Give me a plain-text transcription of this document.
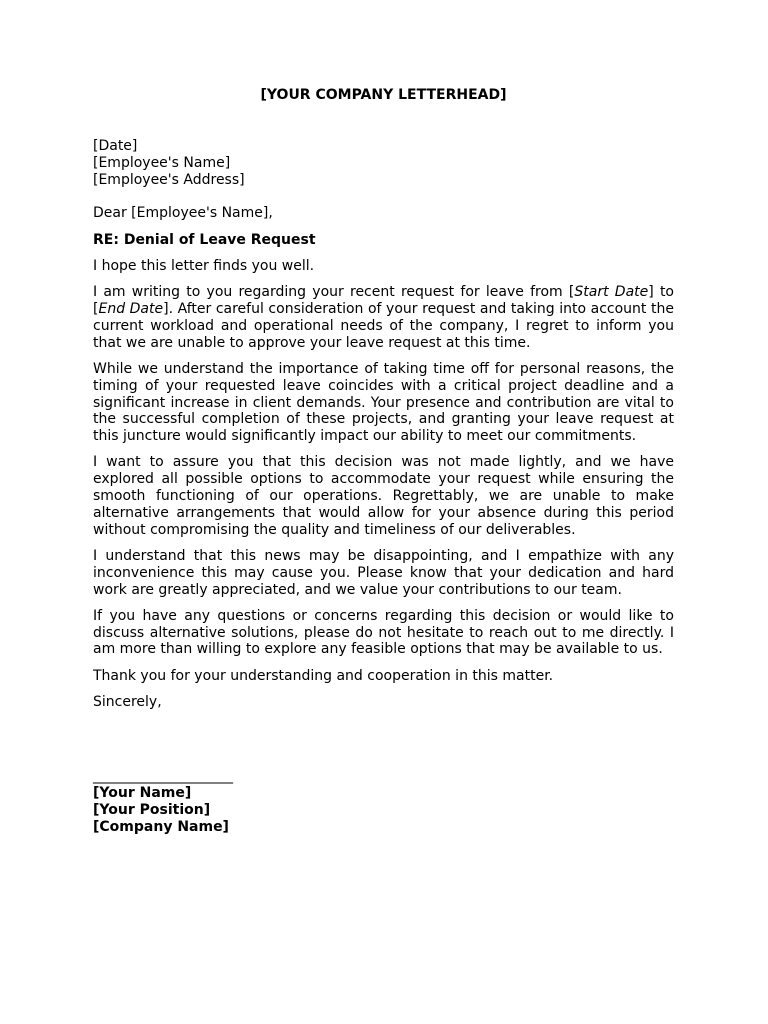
[YOUR COMPANY LETTERHEAD]
[Date]
[Employee's Name]
[Employee's Address]
Dear [Employee's Name],
RE: Denial of Leave Request
I hope this letter finds you well.
I am writing to you regarding your recent request for leave from [Start Date] to [End Date]. After careful consideration of your request and taking into account the current workload and operational needs of the company, I regret to inform you that we are unable to approve your leave request at this time.
While we understand the importance of taking time off for personal reasons, the timing of your requested leave coincides with a critical project deadline and a significant increase in client demands. Your presence and contribution are vital to the successful completion of these projects, and granting your leave request at this juncture would significantly impact our ability to meet our commitments.
I want to assure you that this decision was not made lightly, and we have explored all possible options to accommodate your request while ensuring the smooth functioning of our operations. Regrettably, we are unable to make alternative arrangements that would allow for your absence during this period without compromising the quality and timeliness of our deliverables.
I understand that this news may be disappointing, and I empathize with any inconvenience this may cause you. Please know that your dedication and hard work are greatly appreciated, and we value your contributions to our team.
If you have any questions or concerns regarding this decision or would like to discuss alternative solutions, please do not hesitate to reach out to me directly. I am more than willing to explore any feasible options that may be available to us.
Thank you for your understanding and cooperation in this matter.
Sincerely,
____________________
[Your Name]
[Your Position]
[Company Name]
